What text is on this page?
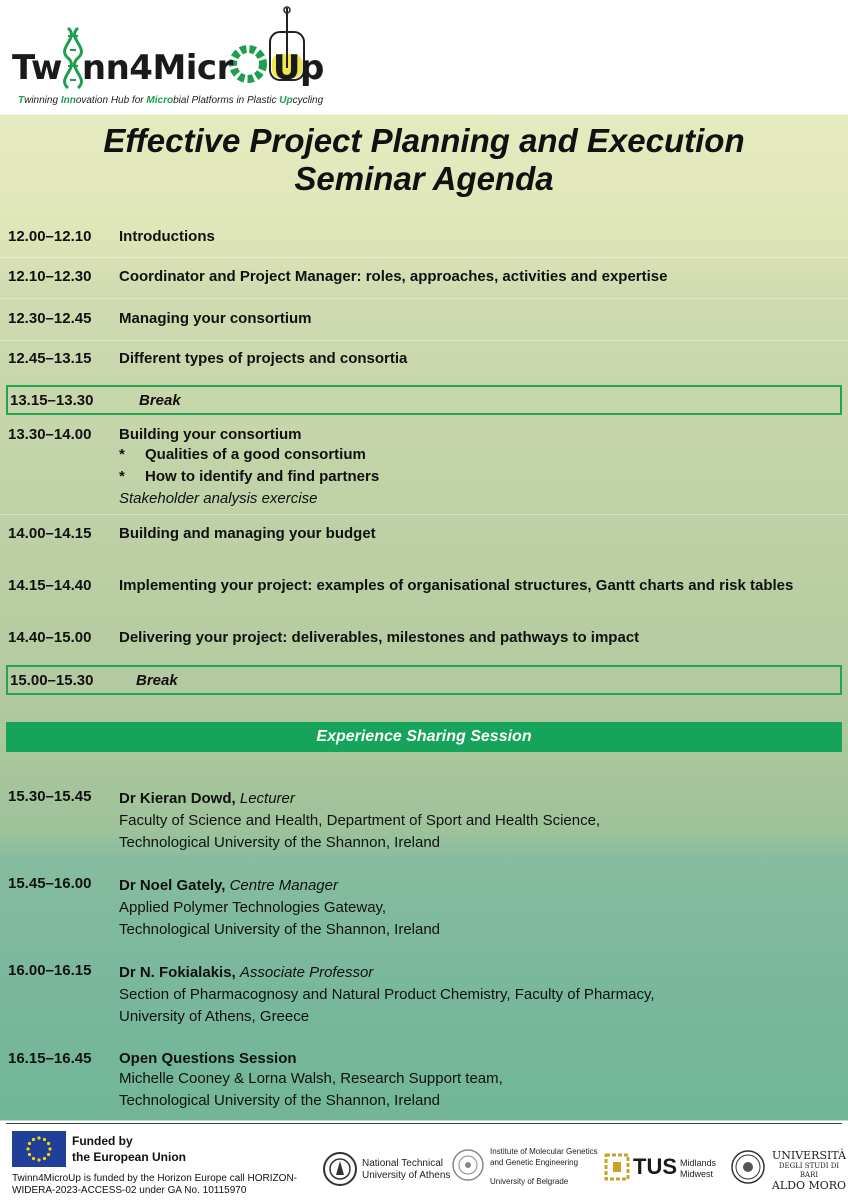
Tw nn4Micr Up
Twinning Innovation Hub for Microbial Platforms in Plastic Upcycling
Effective Project Planning and Execution
Seminar Agenda
12.00–12.10	Introductions
12.10–12.30	Coordinator and Project Manager: roles, approaches, activities and expertise
12.30–12.45	Managing your consortium
12.45–13.15	Different types of projects and consortia
13.15–13.30	Break
13.30–14.00	Building your consortium
* Qualities of a good consortium
* How to identify and find partners
Stakeholder analysis exercise
14.00–14.15	Building and managing your budget
14.15–14.40	Implementing your project: examples of organisational structures, Gantt charts and risk tables
14.40–15.00	Delivering your project: deliverables, milestones and pathways to impact
15.00–15.30	Break
Experience Sharing Session
15.30–15.45	Dr Kieran Dowd, Lecturer
Faculty of Science and Health, Department of Sport and Health Science,
Technological University of the Shannon, Ireland
15.45–16.00	Dr Noel Gately, Centre Manager
Applied Polymer Technologies Gateway,
Technological University of the Shannon, Ireland
16.00–16.15	Dr N. Fokialakis, Associate Professor
Section of Pharmacognosy and Natural Product Chemistry, Faculty of Pharmacy,
University of Athens, Greece
16.15–16.45	Open Questions Session
Michelle Cooney & Lorna Walsh, Research Support team,
Technological University of the Shannon, Ireland
Funded by
the European Union
Twinn4MicroUp is funded by the Horizon Europe call HORIZON-WIDERA-2023-ACCESS-02 under GA No. 10115970
National Technical
University of Athens
Institute of Molecular Genetics
and Genetic Engineering
University of Belgrade
TUS Midlands
Midwest
UNIVERSITÀ
DEGLI STUDI DI BARI
ALDO MORO
